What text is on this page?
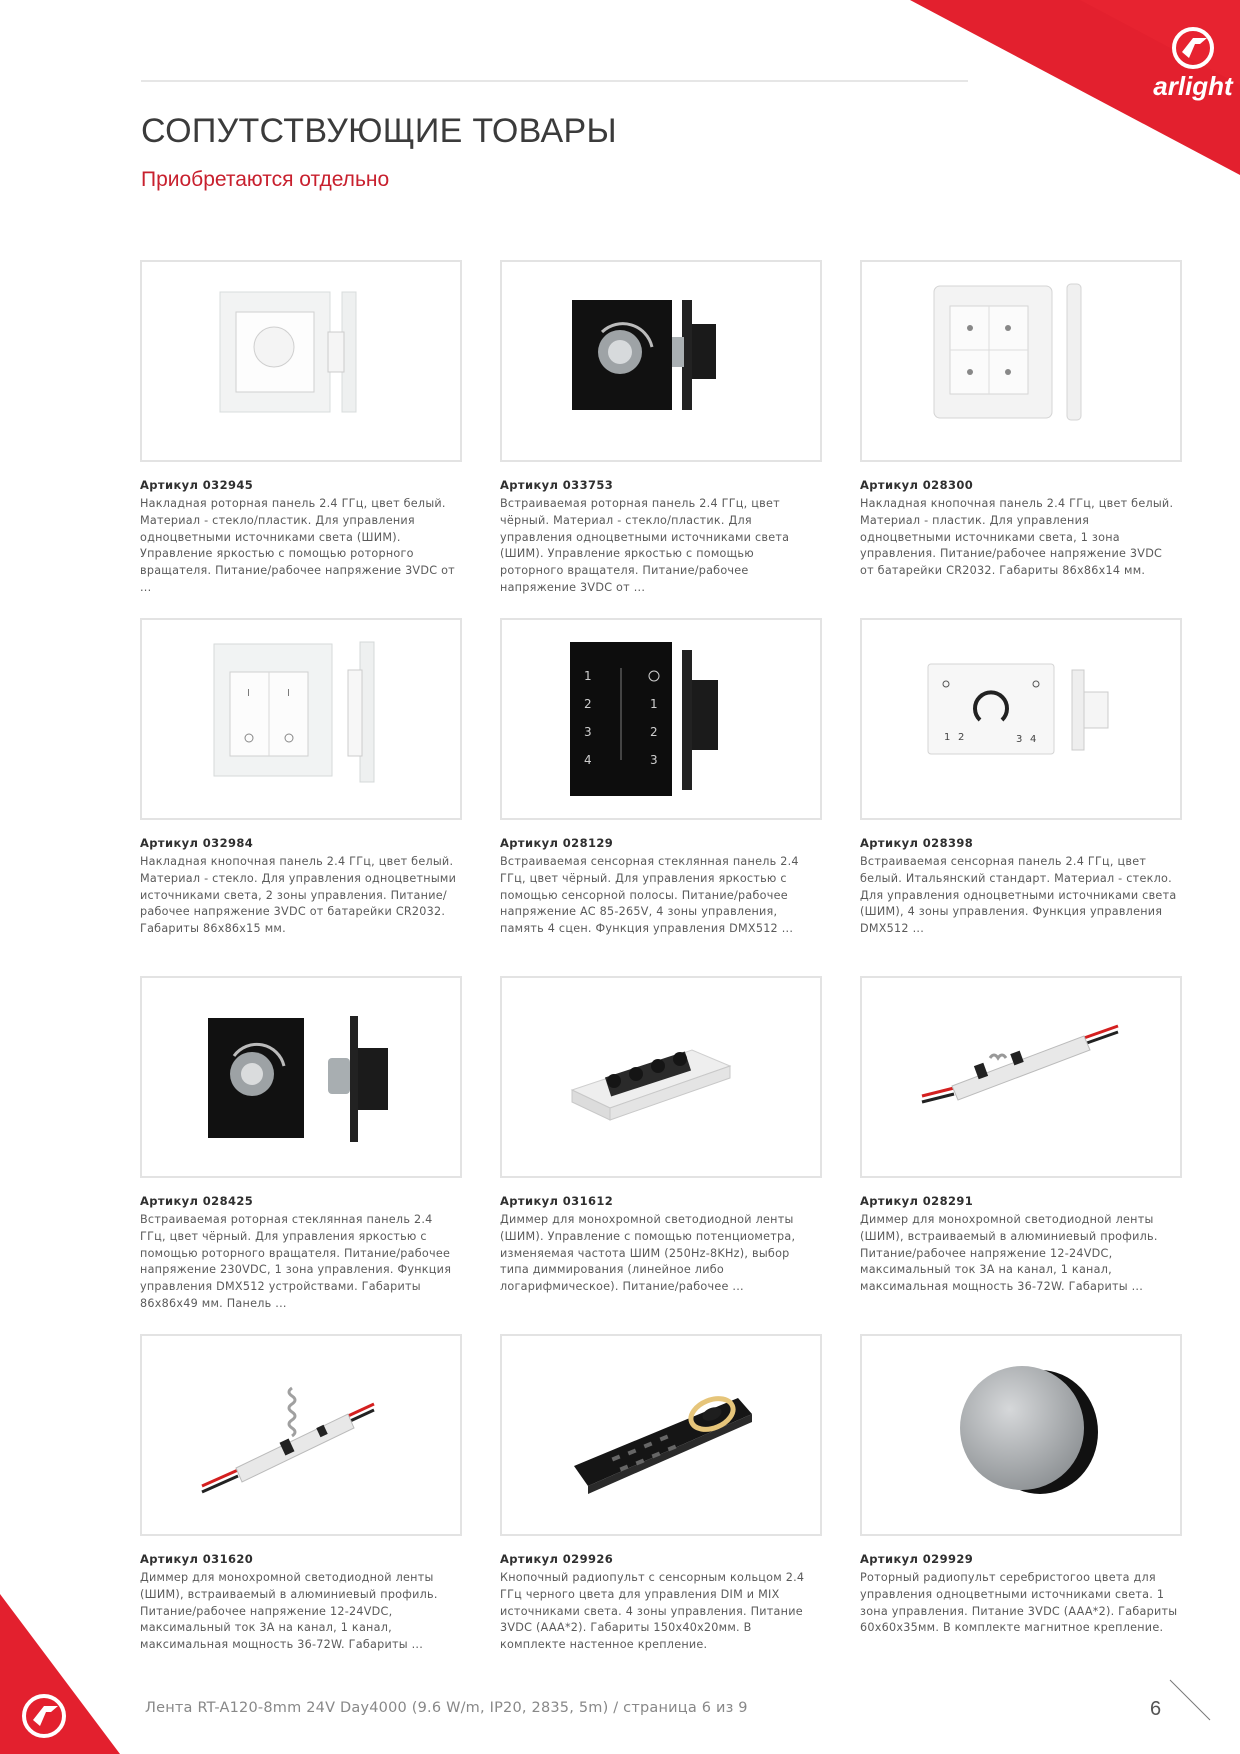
arlight
СОПУТСТВУЮЩИЕ ТОВАРЫ

Приобретаются отдельно

Артикул 032945

Накладная роторная панель 2.4 ГГц, цвет белый. Материал - стекло/пластик. Для управления одноцветными источниками света (ШИМ). Управление яркостью с помощью роторного вращателя. Питание/рабочее напряжение 3VDC от ...

Артикул 033753

Встраиваемая роторная панель 2.4 ГГц, цвет чёрный. Материал - стекло/пластик. Для управления одноцветными источниками света (ШИМ). Управление яркостью с помощью роторного вращателя. Питание/рабочее напряжение 3VDC от ...

Артикул 028300

Накладная кнопочная панель 2.4 ГГц, цвет белый. Материал - пластик. Для управления одноцветными источниками света, 1 зона управления. Питание/рабочее напряжение 3VDC от батарейки CR2032. Габариты 86x86x14 мм.

I	I

Артикул 032984

Накладная кнопочная панель 2.4 ГГц, цвет белый. Материал - стекло. Для управления одноцветными источниками света, 2 зоны управления. Питание/рабочее напряжение 3VDC от батарейки CR2032. Габариты 86x86x15 мм.

1
2
3
4
1
2
3

Артикул 028129

Встраиваемая сенсорная стеклянная панель 2.4 ГГц, цвет чёрный. Для управления яркостью с помощью сенсорной полосы. Питание/рабочее напряжение AC 85-265V, 4 зоны управления, память 4 сцен. Функция управления DMX512 ...

1 2	3 4

Артикул 028398

Встраиваемая сенсорная панель 2.4 ГГц, цвет белый. Итальянский стандарт. Материал - стекло. Для управления одноцветными источниками света (ШИМ), 4 зоны управления. Функция управления DMX512 ...

Артикул 028425

Встраиваемая роторная стеклянная панель 2.4 ГГц, цвет чёрный. Для управления яркостью с помощью роторного вращателя. Питание/рабочее напряжение 230VDC, 1 зона управления. Функция управления DMX512 устройствами. Габариты 86x86x49 мм. Панель ...

Артикул 031612

Диммер для монохромной светодиодной ленты (ШИМ). Управление с помощью потенциометра, изменяемая частота ШИМ (250Hz-8KHz), выбор типа диммирования (линейное либо логарифмическое). Питание/рабочее ...

Артикул 028291

Диммер для монохромной светодиодной ленты (ШИМ), встраиваемый в алюминиевый профиль. Питание/рабочее напряжение 12-24VDC, максимальный ток 3А на канал, 1 канал, максимальная мощность 36-72W. Габариты ...

Артикул 031620

Диммер для монохромной светодиодной ленты (ШИМ), встраиваемый в алюминиевый профиль. Питание/рабочее напряжение 12-24VDC, максимальный ток 3А на канал, 1 канал, максимальная мощность 36-72W. Габариты ...

Артикул 029926

Кнопочный радиопульт с сенсорным кольцом 2.4 ГГц черного цвета для управления DIM и MIX источниками света. 4 зоны управления. Питание 3VDC (AAA*2). Габариты 150x40x20мм. В комплекте настенное крепление.

Артикул 029929

Роторный радиопульт серебристогоо цвета для управления одноцветными источниками света. 1 зона управления. Питание 3VDC (AAA*2). Габариты 60x60x35мм. В комплекте магнитное крепление.

Лента RT-A120-8mm 24V Day4000 (9.6 W/m, IP20, 2835, 5m) / страница 6 из 9	6
